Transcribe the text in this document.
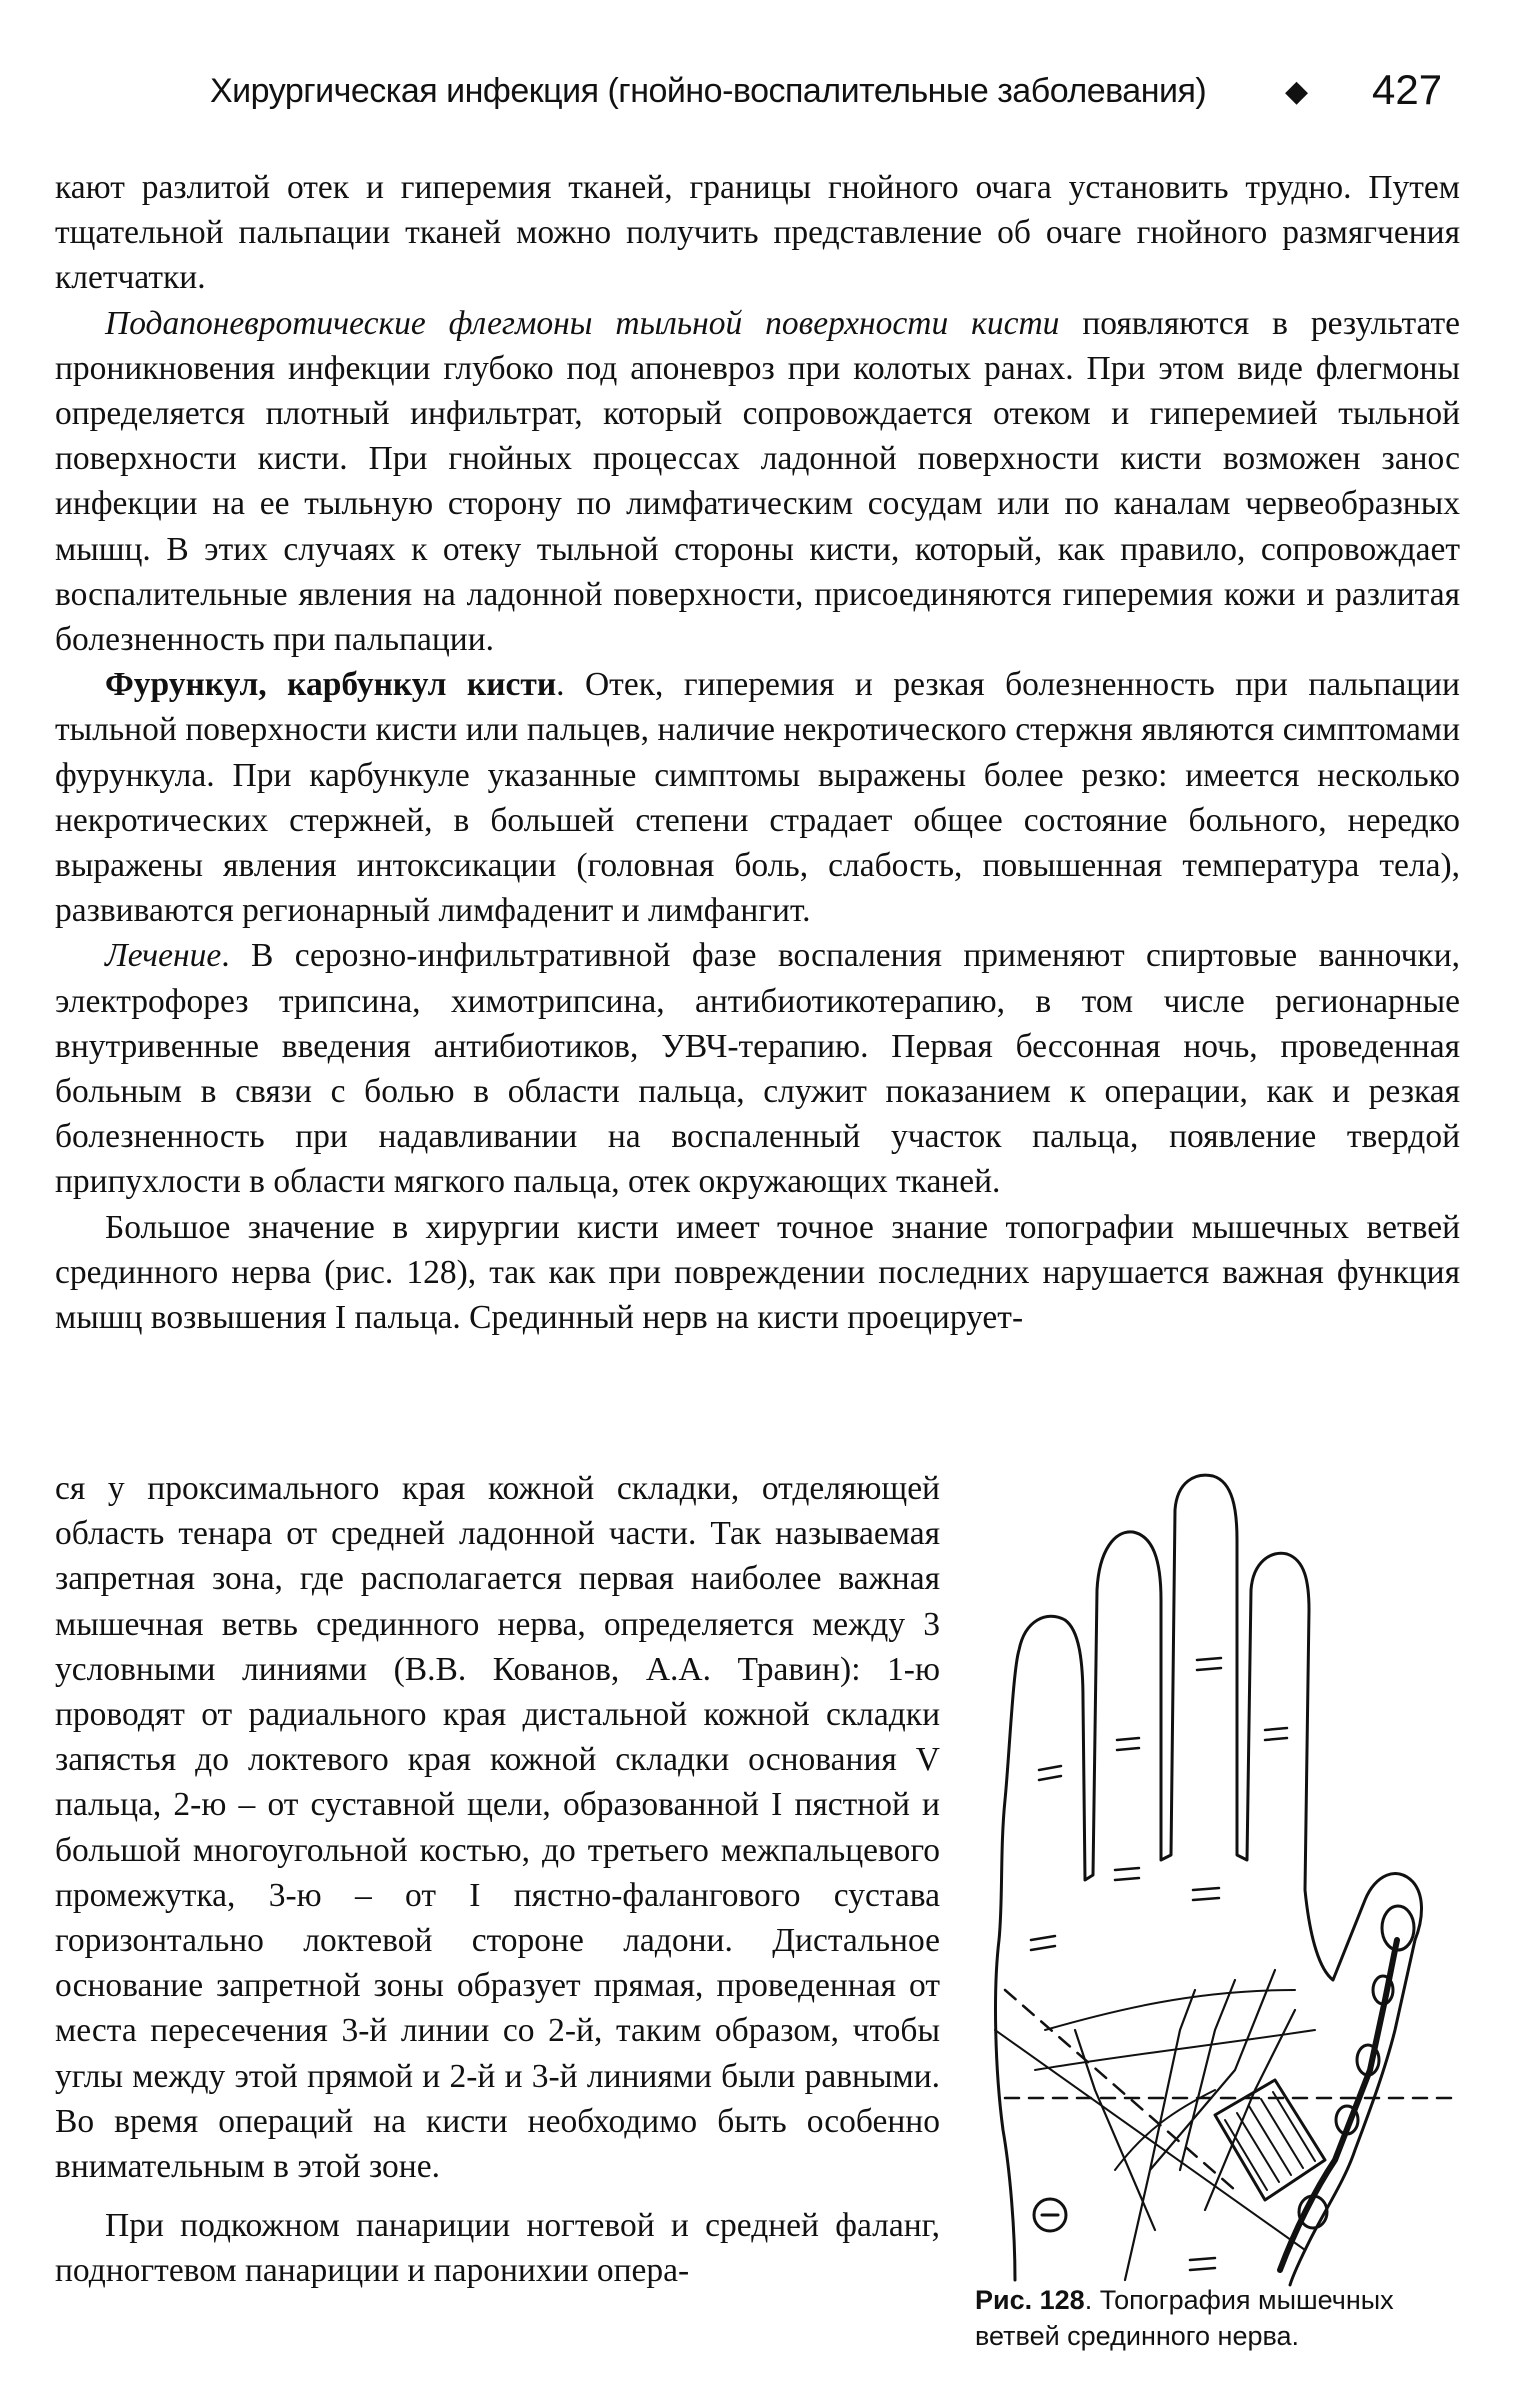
Хирургическая инфекция (гнойно-воспалительные заболевания)	◆ 427

кают разлитой отек и гиперемия тканей, границы гнойного очага установить трудно. Путем тщательной пальпации тканей можно получить представление об очаге гнойного размягчения клетчатки.

Подапоневротические флегмоны тыльной поверхности кисти появляются в результате проникновения инфекции глубоко под апоневроз при колотых ранах. При этом виде флегмоны определяется плотный инфильтрат, который сопровождается отеком и гиперемией тыльной поверхности кисти. При гнойных процессах ладонной поверхности кисти возможен занос инфекции на ее тыльную сторону по лимфатическим сосудам или по каналам червеобразных мышц. В этих случаях к отеку тыльной стороны кисти, который, как правило, сопровождает воспалительные явления на ладонной поверхности, присоединяются гиперемия кожи и разлитая болезненность при пальпации.

Фурункул, карбункул кисти. Отек, гиперемия и резкая болезненность при пальпации тыльной поверхности кисти или пальцев, наличие некротического стержня являются симптомами фурункула. При карбункуле указанные симптомы выражены более резко: имеется несколько некротических стержней, в большей степени страдает общее состояние больного, нередко выражены явления интоксикации (головная боль, слабость, повышенная температура тела), развиваются регионарный лимфаденит и лимфангит.

Лечение. В серозно-инфильтративной фазе воспаления применяют спиртовые ванночки, электрофорез трипсина, химотрипсина, антибиотикотерапию, в том числе регионарные внутривенные введения антибиотиков, УВЧ-терапию. Первая бессонная ночь, проведенная больным в связи с болью в области пальца, служит показанием к операции, как и резкая болезненность при надавливании на воспаленный участок пальца, появление твердой припухлости в области мягкого пальца, отек окружающих тканей.

Большое значение в хирургии кисти имеет точное знание топографии мышечных ветвей срединного нерва (рис. 128), так как при повреждении последних нарушается важная функция мышц возвышения I пальца. Срединный нерв на кисти проецирует-

ся у проксимального края кожной складки, отделяющей область тенара от средней ладонной части. Так называемая запретная зона, где располагается первая наиболее важная мышечная ветвь срединного нерва, определяется между 3 условными линиями (В.В. Кованов, А.А. Травин): 1-ю проводят от радиального края дистальной кожной складки запястья до локтевого края кожной складки основания V пальца, 2-ю – от суставной щели, образованной I пястной и большой многоугольной костью, до третьего межпальцевого промежутка, 3-ю – от I пястно-фалангового сустава горизонтально локтевой стороне ладони. Дистальное основание запретной зоны образует прямая, проведенная от места пересечения 3-й линии со 2-й, таким образом, чтобы углы между этой прямой и 2-й и 3-й линиями были равными. Во время операций на кисти необходимо быть особенно внимательным в этой зоне.

При подкожном панариции ногтевой и средней фаланг, подногтевом панариции и паронихии опера-

Рис. 128. Топография мышечных ветвей срединного нерва.
